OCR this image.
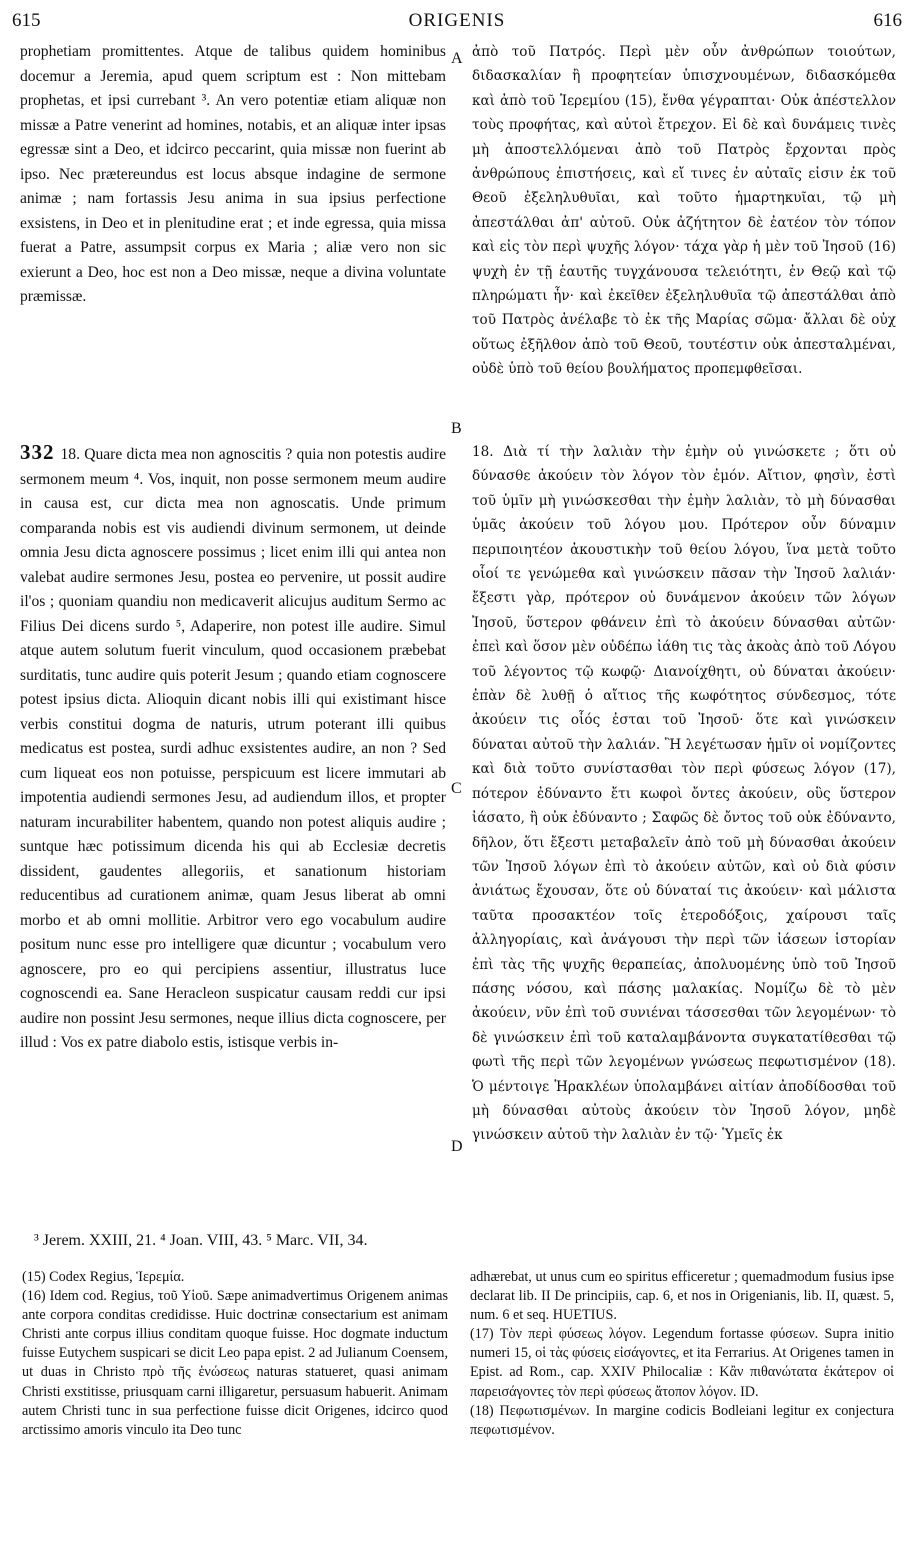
ORIGENIS
615	616

prophetiam promittentes. Atque de talibus quidem hominibus docemur a Jeremia, apud quem scriptum est : Non mittebam prophetas, et ipsi currebant ³. An vero potentiæ etiam aliquæ non missæ a Patre venerint ad homines, notabis, et an aliquæ inter ipsas egressæ sint a Deo, et idcirco peccarint, quia missæ non fuerint ab ipso. Nec prætereundus est locus absque indagine de sermone animæ ; nam fortassis Jesu anima in sua ipsius perfectione exsistens, in Deo et in plenitudine erat ; et inde egressa, quia missa fuerat a Patre, assumpsit corpus ex Maria ; aliæ vero non sic exierunt a Deo, hoc est non a Deo missæ, neque a divina voluntate præmissæ.

332 18. Quare dicta mea non agnoscitis ? quia non potestis audire sermonem meum ⁴. Vos, inquit, non posse sermonem meum audire in causa est, cur dicta mea non agnoscatis. Unde primum comparanda nobis est vis audiendi divinum sermonem, ut deinde omnia Jesu dicta agnoscere possimus ; licet enim illi qui antea non valebat audire sermones Jesu, postea eo pervenire, ut possit audire il'os ; quoniam quandiu non medicaverit alicujus auditum Sermo ac Filius Dei dicens surdo ⁵, Adaperire, non potest ille audire. Simul atque autem solutum fuerit vinculum, quod occasionem præbebat surditatis, tunc audire quis poterit Jesum ; quando etiam cognoscere potest ipsius dicta. Alioquin dicant nobis illi qui existimant hisce verbis constitui dogma de naturis, utrum poterant illi quibus medicatus est postea, surdi adhuc exsistentes audire, an non ? Sed cum liqueat eos non potuisse, perspicuum est licere immutari ab impotentia audiendi sermones Jesu, ad audiendum illos, et propter naturam incurabiliter habentem, quando non potest aliquis audire ; suntque hæc potissimum dicenda his qui ab Ecclesiæ decretis dissident, gaudentes allegoriis, et sanationum historiam reducentibus ad curationem animæ, quam Jesus liberat ab omni morbo et ab omni mollitie. Arbitror vero ego vocabulum audire positum nunc esse pro intelligere quæ dicuntur ; vocabulum vero agnoscere, pro eo qui percipiens assentiur, illustratus luce cognoscendi ea. Sane Heracleon suspicatur causam reddi cur ipsi audire non possint Jesu sermones, neque illius dicta cognoscere, per illud : Vos ex patre diabolo estis, istisque verbis in-

ἀπὸ τοῦ Πατρός. Περὶ μὲν οὖν ἀνθρώπων τοιούτων, διδασκαλίαν ἢ προφητείαν ὑπισχνουμένων, διδασκόμεθα καὶ ἀπὸ τοῦ Ἱερεμίου (15), ἔνθα γέγραπται· Οὐκ ἀπέστελλον τοὺς προφήτας, καὶ αὐτοὶ ἔτρεχον. Εἰ δὲ καὶ δυνάμεις τινὲς μὴ ἀποστελλόμεναι ἀπὸ τοῦ Πατρὸς ἔρχονται πρὸς ἀνθρώπους ἐπιστήσεις, καὶ εἴ τινες ἐν αὐταῖς εἰσιν ἐκ τοῦ Θεοῦ ἐξεληλυθυῖαι, καὶ τοῦτο ἡμαρτηκυῖαι, τῷ μὴ ἀπεστάλθαι ἀπ' αὐτοῦ. Οὐκ ἀζήτητον δὲ ἐατέον τὸν τόπον καὶ εἰς τὸν περὶ ψυχῆς λόγον· τάχα γὰρ ἡ μὲν τοῦ Ἰησοῦ (16) ψυχὴ ἐν τῇ ἑαυτῆς τυγχάνουσα τελειότητι, ἐν Θεῷ καὶ τῷ πληρώματι ἦν· καὶ ἐκεῖθεν ἐξεληλυθυῖα τῷ ἀπεστάλθαι ἀπὸ τοῦ Πατρὸς ἀνέλαβε τὸ ἐκ τῆς Μαρίας σῶμα· ἄλλαι δὲ οὐχ οὕτως ἐξῆλθον ἀπὸ τοῦ Θεοῦ, τουτέστιν οὐκ ἀπεσταλμέναι, οὐδὲ ὑπὸ τοῦ θείου βουλήματος προπεμφθεῖσαι.

18. Διὰ τί τὴν λαλιὰν τὴν ἐμὴν οὐ γινώσκετε ; ὅτι οὐ δύνασθε ἀκούειν τὸν λόγον τὸν ἐμόν. Αἴτιον, φησὶν, ἐστὶ τοῦ ὑμῖν μὴ γινώσκεσθαι τὴν ἐμὴν λαλιὰν, τὸ μὴ δύνασθαι ὑμᾶς ἀκούειν τοῦ λόγου μου. Πρότερον οὖν δύναμιν περιποιητέον ἀκουστικὴν τοῦ θείου λόγου, ἵνα μετὰ τοῦτο οἷοί τε γενώμεθα καὶ γινώσκειν πᾶσαν τὴν Ἰησοῦ λαλιάν· ἔξεστι γὰρ, πρότερον οὐ δυνάμενον ἀκούειν τῶν λόγων Ἰησοῦ, ὕστερον φθάνειν ἐπὶ τὸ ἀκούειν δύνασθαι αὐτῶν· ἐπεὶ καὶ ὅσον μὲν οὐδέπω ἰάθη τις τὰς ἀκοὰς ἀπὸ τοῦ Λόγου τοῦ λέγοντος τῷ κωφῷ· Διανοίχθητι, οὐ δύναται ἀκούειν· ἐπὰν δὲ λυθῇ ὁ αἴτιος τῆς κωφότητος σύνδεσμος, τότε ἀκούειν τις οἷός ἐσται τοῦ Ἰησοῦ· ὅτε καὶ γινώσκειν δύναται αὐτοῦ τὴν λαλιάν. Ἢ λεγέτωσαν ἡμῖν οἱ νομίζοντες καὶ διὰ τοῦτο συνίστασθαι τὸν περὶ φύσεως λόγον (17), πότερον ἐδύναντο ἔτι κωφοὶ ὄντες ἀκούειν, οὓς ὕστερον ἰάσατο, ἢ οὐκ ἐδύναντο ; Σαφῶς δὲ ὄντος τοῦ οὐκ ἐδύναντο, δῆλον, ὅτι ἔξεστι μεταβαλεῖν ἀπὸ τοῦ μὴ δύνασθαι ἀκούειν τῶν Ἰησοῦ λόγων ἐπὶ τὸ ἀκούειν αὐτῶν, καὶ οὐ διὰ φύσιν ἀνιάτως ἔχουσαν, ὅτε οὐ δύναταί τις ἀκούειν· καὶ μάλιστα ταῦτα προσακτέον τοῖς ἑτεροδόξοις, χαίρουσι ταῖς ἀλληγορίαις, καὶ ἀνάγουσι τὴν περὶ τῶν ἰάσεων ἱστορίαν ἐπὶ τὰς τῆς ψυχῆς θεραπείας, ἀπολυομένης ὑπὸ τοῦ Ἰησοῦ πάσης νόσου, καὶ πάσης μαλακίας. Νομίζω δὲ τὸ μὲν ἀκούειν, νῦν ἐπὶ τοῦ συνιέναι τάσσεσθαι τῶν λεγομένων· τὸ δὲ γινώσκειν ἐπὶ τοῦ καταλαμβάνοντα συγκατατίθεσθαι τῷ φωτὶ τῆς περὶ τῶν λεγομένων γνώσεως πεφωτισμένον (18). Ὁ μέντοιγε Ἡρακλέων ὑπολαμβάνει αἰτίαν ἀποδίδοσθαι τοῦ μὴ δύνασθαι αὐτοὺς ἀκούειν τὸν Ἰησοῦ λόγον, μηδὲ γινώσκειν αὐτοῦ τὴν λαλιὰν ἐν τῷ· Ὑμεῖς ἐκ

A
B
C
D
³ Jerem. XXIII, 21. ⁴ Joan. VIII, 43. ⁵ Marc. VII, 34.

(15) Codex Regius, Ἱερεμία.

(16) Idem cod. Regius, τοῦ Υἱοῦ. Sæpe animadvertimus Origenem animas ante corpora conditas credidisse. Huic doctrinæ consectarium est animam Christi ante corpus illius conditam quoque fuisse. Hoc dogmate inductum fuisse Eutychem suspicari se dicit Leo papa epist. 2 ad Julianum Coensem, ut duas in Christo πρὸ τῆς ἑνώσεως naturas statueret, quasi animam Christi exstitisse, priusquam carni illigaretur, persuasum habuerit. Animam autem Christi tunc in sua perfectione fuisse dicit Origenes, idcirco quod arctissimo amoris vinculo ita Deo tunc

adhærebat, ut unus cum eo spiritus efficeretur ; quemadmodum fusius ipse declarat lib. II De principiis, cap. 6, et nos in Origenianis, lib. II, quæst. 5, num. 6 et seq. HUETIUS.

(17) Τὸν περὶ φύσεως λόγον. Legendum fortasse φύσεων. Supra initio numeri 15, οἱ τὰς φύσεις εἰσάγοντες, et ita Ferrarius. At Origenes tamen in Epist. ad Rom., cap. XXIV Philocaliæ : Κἂν πιθανώτατα ἑκάτερον οἱ παρεισάγοντες τὸν περὶ φύσεως ἄτοπον λόγον. ID.

(18) Πεφωτισμένων. In margine codicis Bodleiani legitur ex conjectura πεφωτισμένον.
